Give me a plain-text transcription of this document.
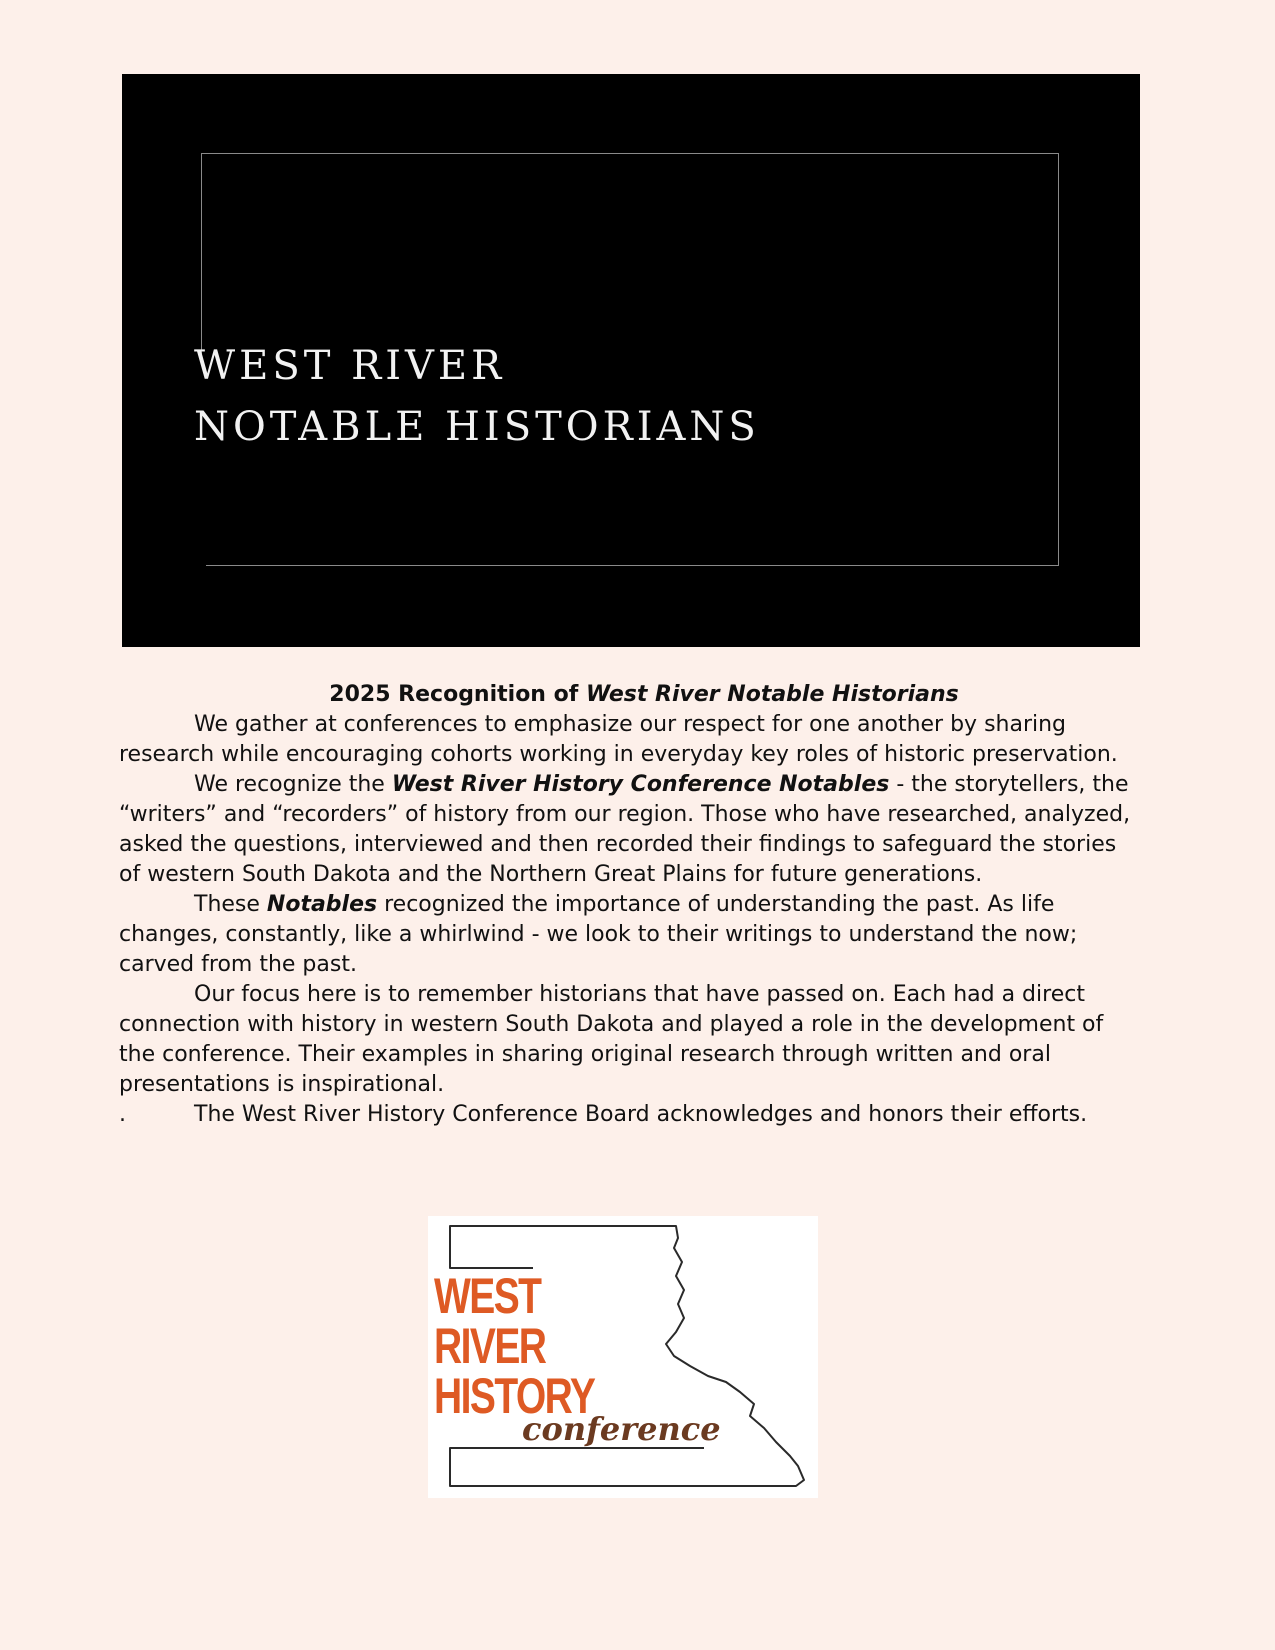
WEST RIVER
NOTABLE HISTORIANS
2025 Recognition of West River Notable Historians

We gather at conferences to emphasize our respect for one another by sharing research while encouraging cohorts working in everyday key roles of historic preservation.

We recognize the West River History Conference Notables - the storytellers, the “writers” and “recorders” of history from our region. Those who have researched, analyzed, asked the questions, interviewed and then recorded their findings to safeguard the stories of western South Dakota and the Northern Great Plains for future generations.

These Notables recognized the importance of understanding the past. As life changes, constantly, like a whirlwind - we look to their writings to understand the now; carved from the past.

Our focus here is to remember historians that have passed on. Each had a direct connection with history in western South Dakota and played a role in the development of the conference. Their examples in sharing original research through written and oral presentations is inspirational.

.	The West River History Conference Board acknowledges and honors their efforts.

WEST
RIVER
HISTORY
conference
